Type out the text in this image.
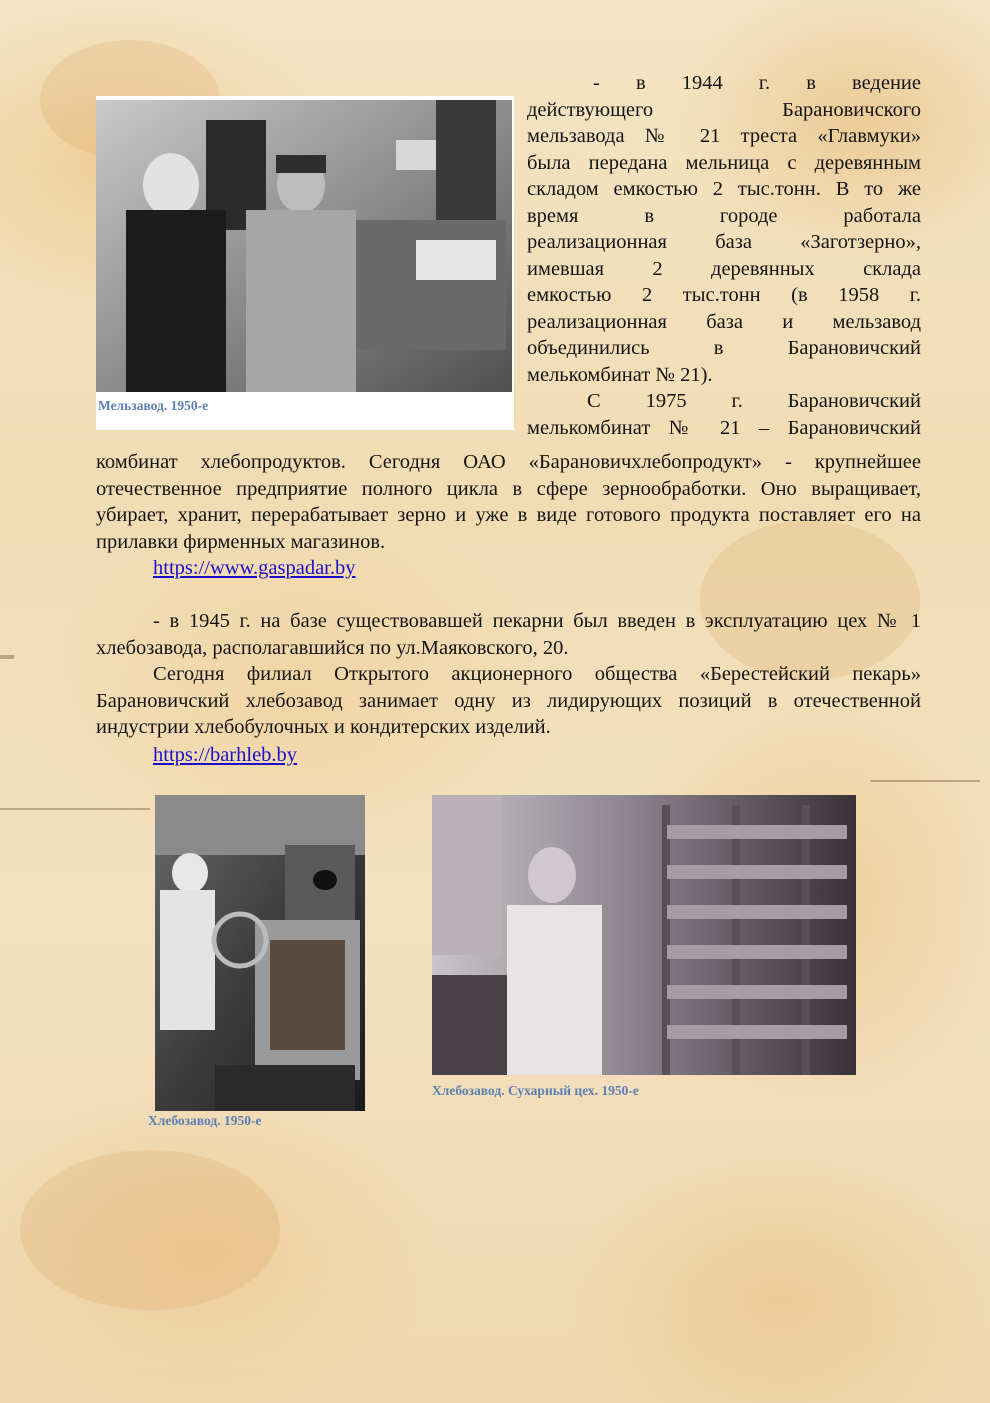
Мельзавод. 1950-е
- в 1944 г. в ведение
действующего Барановичского
мельзавода № 21 треста «Главмуки»
была передана мельница с деревянным
складом емкостью 2 тыс.тонн. В то же
время в городе работала
реализационная база «Заготзерно»,
имевшая 2 деревянных склада
емкостью 2 тыс.тонн (в 1958 г.
реализационная база и мельзавод
объединились в Барановичский
мелькомбинат № 21).
С 1975 г. Барановичский
мелькомбинат № 21 – Барановичский

комбинат хлебопродуктов. Сегодня ОАО «Барановичхлебопродукт» - крупнейшее отечественное предприятие полного цикла в сфере зернообработки. Оно выращивает, убирает, хранит, перерабатывает зерно и уже в виде готового продукта поставляет его на прилавки фирменных магазинов.

https://www.gaspadar.by

- в 1945 г. на базе существовавшей пекарни был введен в эксплуатацию цех № 1 хлебозавода, располагавшийся по ул.Маяковского, 20.

Сегодня филиал Открытого акционерного общества «Берестейский пекарь» Барановичский хлебозавод занимает одну из лидирующих позиций в отечественной индустрии хлебобулочных и кондитерских изделий.

https://barhleb.by
Хлебозавод. 1950-е
Хлебозавод. Сухарный цех. 1950-е
